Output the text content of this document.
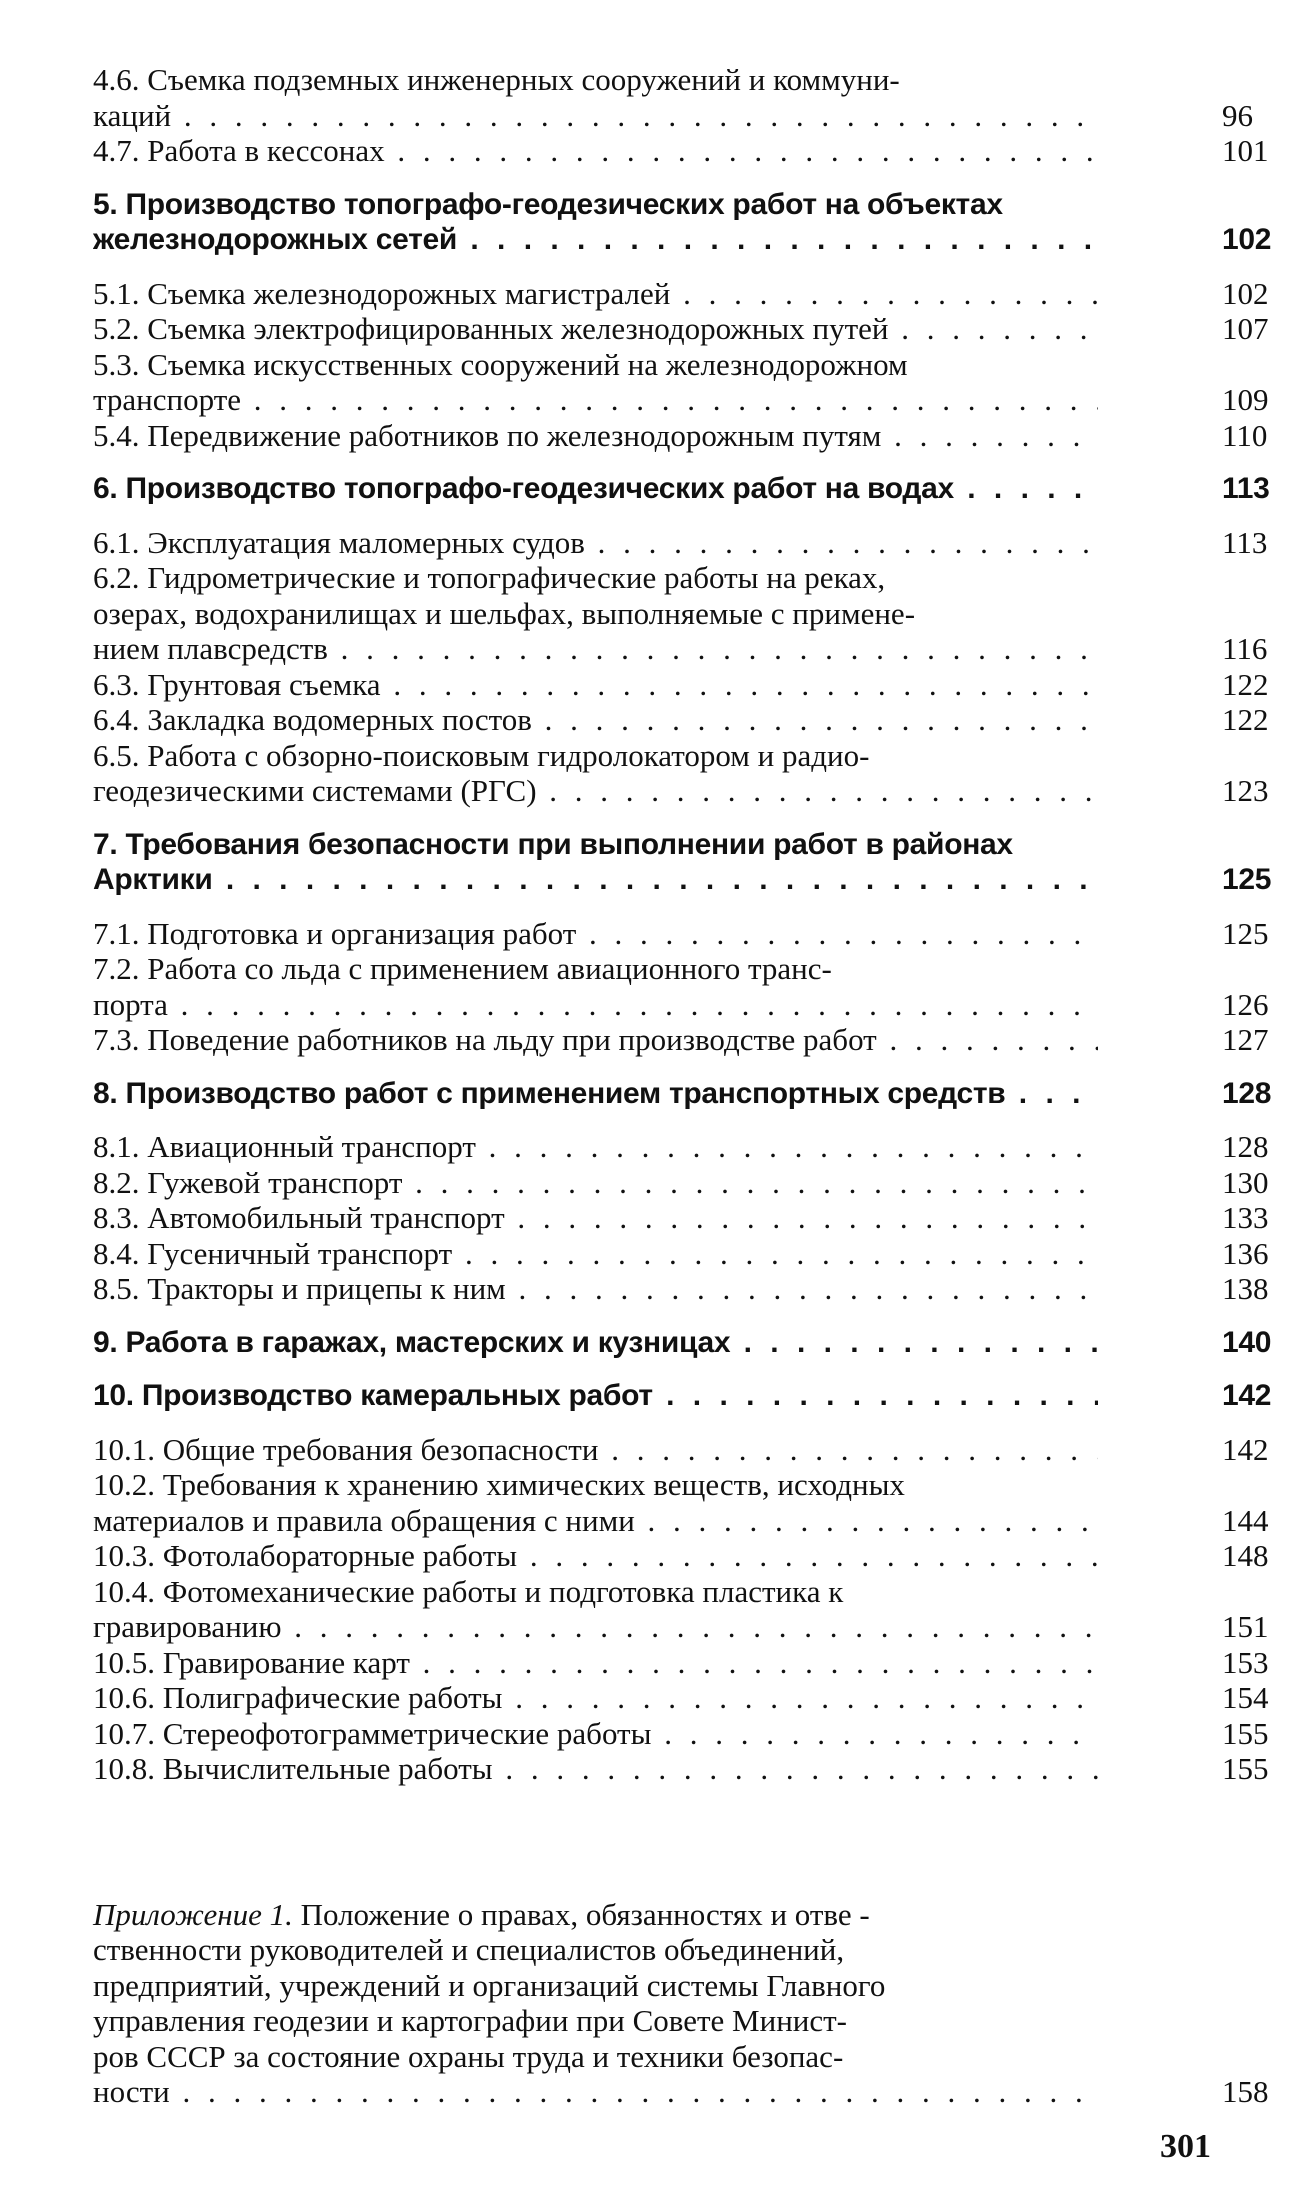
4.6. Съемка подземных инженерных сооружений и коммуни-
каций . . .	96
4.7. Работа в кессонах . . .	101
5. Производство топографо-геодезических работ на объектах
железнодорожных сетей . . .	102
5.1. Съемка железнодорожных магистралей . . .	102
5.2. Съемка электрофицированных железнодорожных путей . . .	107
5.3. Съемка искусственных сооружений на железнодорожном
транспорте . . .	109
5.4. Передвижение работников по железнодорожным путям . . .	110
6. Производство топографо-геодезических работ на водах . . .	113
6.1. Эксплуатация маломерных судов . . .	113
6.2. Гидрометрические и топографические работы на реках,
озерах, водохранилищах и шельфах, выполняемые с примене-
нием плавсредств . . .	116
6.3. Грунтовая съемка . . .	122
6.4. Закладка водомерных постов . . .	122
6.5. Работа с обзорно-поисковым гидролокатором и радио-
геодезическими системами (РГС) . . .	123
7. Требования безопасности при выполнении работ в районах
Арктики . . .	125
7.1. Подготовка и организация работ . . .	125
7.2. Работа со льда с применением авиационного транс-
порта . . .	126
7.3. Поведение работников на льду при производстве работ . . .	127
8. Производство работ с применением транспортных средств . . .	128
8.1. Авиационный транспорт . . .	128
8.2. Гужевой транспорт . . .	130
8.3. Автомобильный транспорт . . .	133
8.4. Гусеничный транспорт . . .	136
8.5. Тракторы и прицепы к ним . . .	138
9. Работа в гаражах, мастерских и кузницах . . .	140
10. Производство камеральных работ . . .	142
10.1. Общие требования безопасности . . .	142
10.2. Требования к хранению химических веществ, исходных
материалов и правила обращения с ними . . .	144
10.3. Фотолабораторные работы . . .	148
10.4. Фотомеханические работы и подготовка пластика к
гравированию . . .	151
10.5. Гравирование карт . . .	153
10.6. Полиграфические работы . . .	154
10.7. Стереофотограмметрические работы . . .	155
10.8. Вычислительные работы . . .	155
Приложение 1. Положение о правах, обязанностях и отве -
ственности руководителей и специалистов объединений,
предприятий, учреждений и организаций системы Главного
управления геодезии и картографии при Совете Минист-
ров СССР за состояние охраны труда и техники безопас-
ности . . .	158
301
